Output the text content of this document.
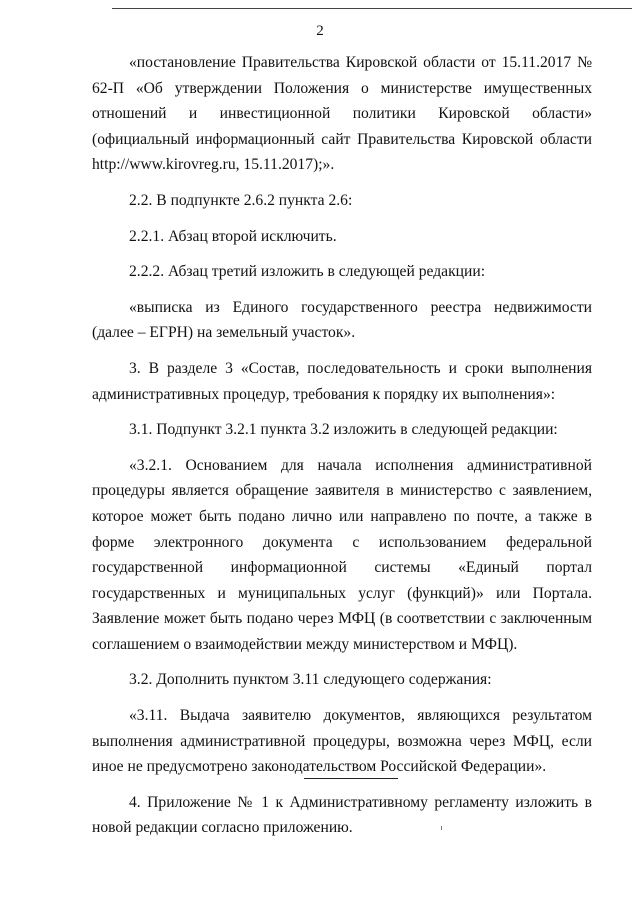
2

«постановление Правительства Кировской области от 15.11.2017 № 62-П «Об утверждении Положения о министерстве имущественных отношений и инвестиционной политики Кировской области» (официальный информационный сайт Правительства Кировской области http://www.kirovreg.ru, 15.11.2017);».

2.2. В подпункте 2.6.2 пункта 2.6:

2.2.1. Абзац второй исключить.

2.2.2. Абзац третий изложить в следующей редакции:

«выписка из Единого государственного реестра недвижимости (далее – ЕГРН) на земельный участок».

3. В разделе 3 «Состав, последовательность и сроки выполнения административных процедур, требования к порядку их выполнения»:

3.1. Подпункт 3.2.1 пункта 3.2 изложить в следующей редакции:

«3.2.1. Основанием для начала исполнения административной процедуры является обращение заявителя в министерство с заявлением, которое может быть подано лично или направлено по почте, а также в форме электронного документа с использованием федеральной государственной информационной системы «Единый портал государственных и муниципальных услуг (функций)» или Портала. Заявление может быть подано через МФЦ (в соответствии с заключенным соглашением о взаимодействии между министерством и МФЦ).

3.2. Дополнить пунктом 3.11 следующего содержания:

«3.11. Выдача заявителю документов, являющихся результатом выполнения административной процедуры, возможна через МФЦ, если иное не предусмотрено законодательством Российской Федерации».

4. Приложение № 1 к Административному регламенту изложить в новой редакции согласно приложению.
